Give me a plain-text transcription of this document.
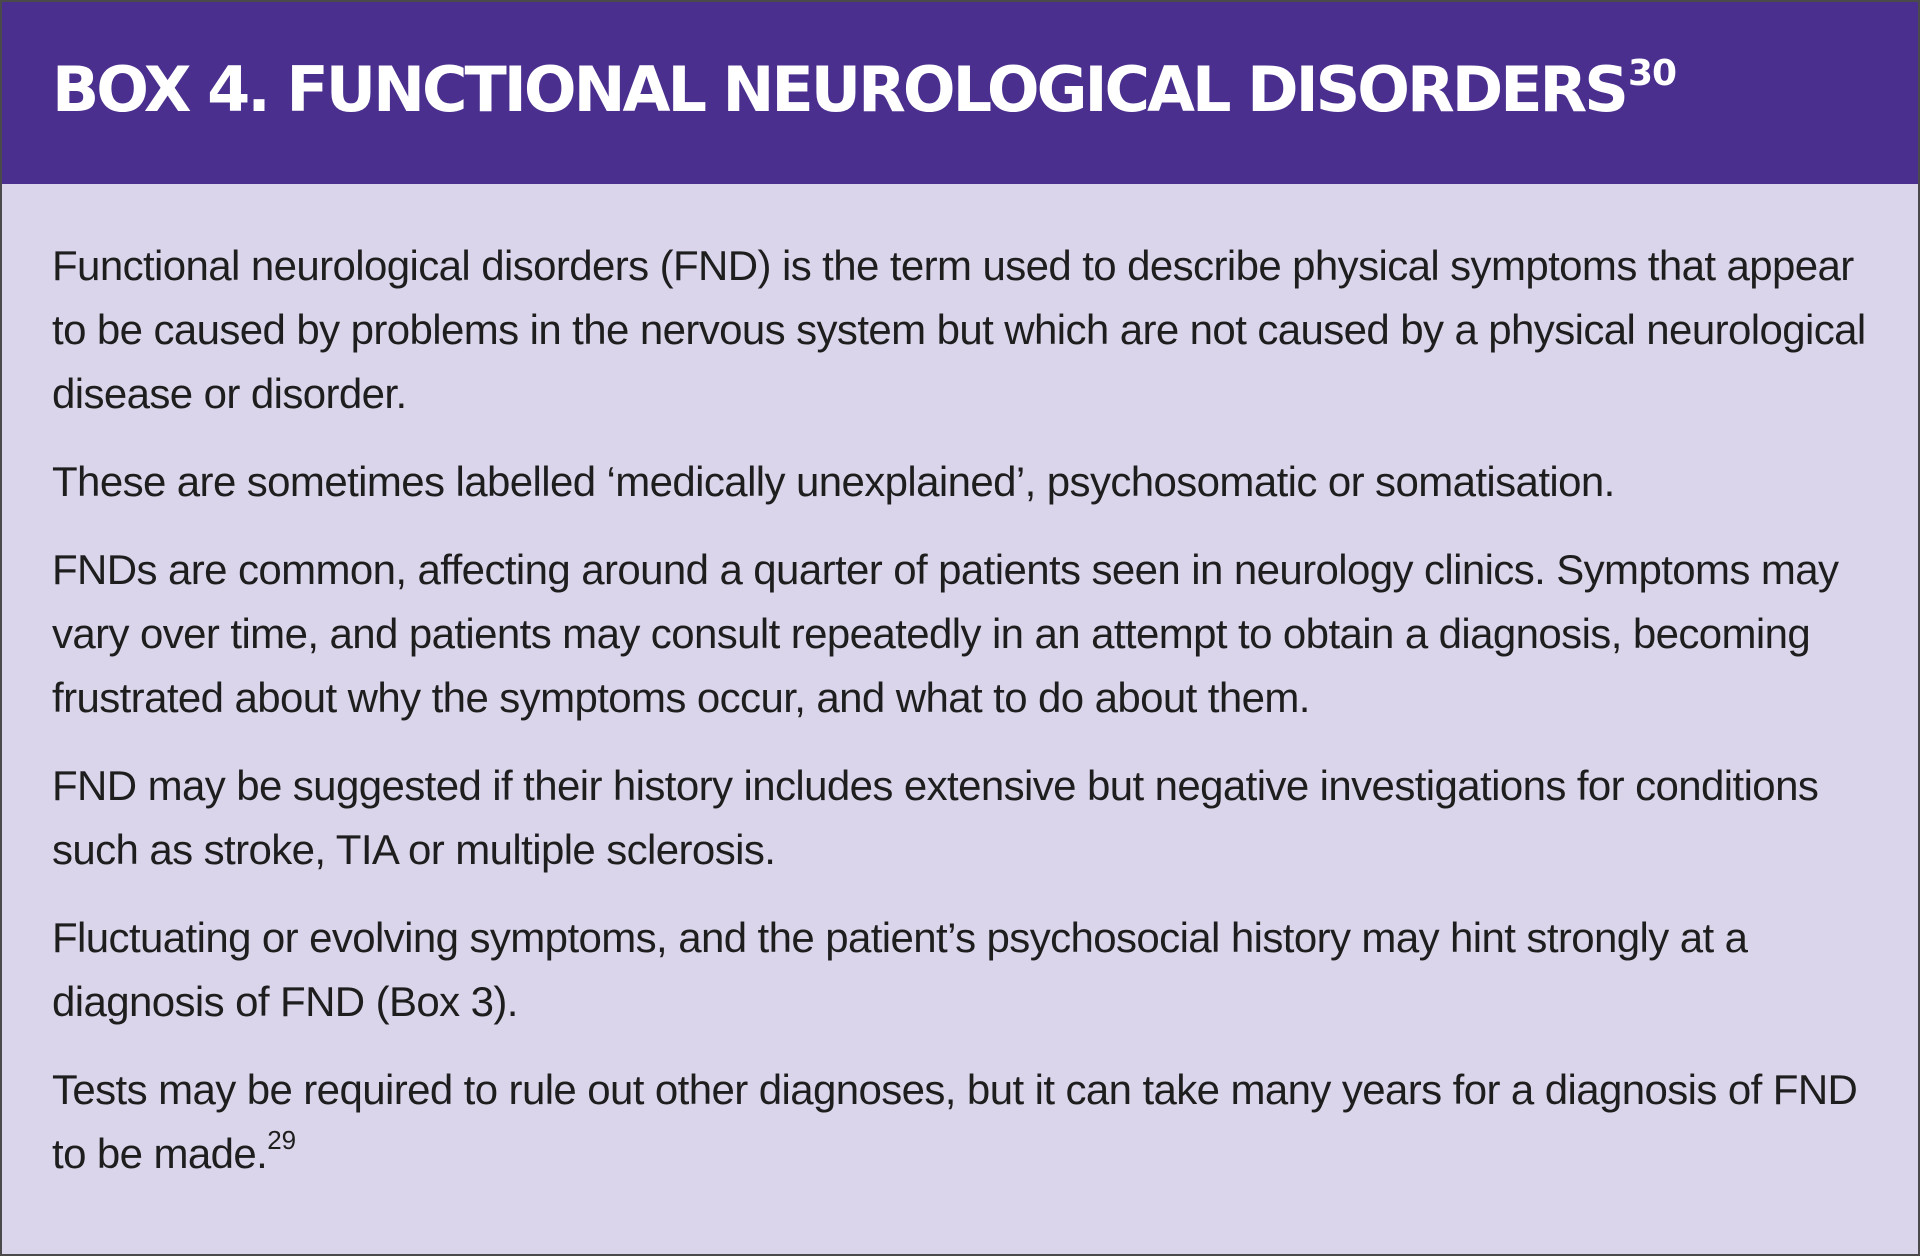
BOX 4. FUNCTIONAL NEUROLOGICAL DISORDERS$^{30}$

Functional neurological disorders (FND) is the term used to describe physical symptoms that appear to be caused by problems in the nervous system but which are not caused by a physical neurological disease or disorder.

These are sometimes labelled ‘medically unexplained’, psychosomatic or somatisation.

FNDs are common, affecting around a quarter of patients seen in neurology clinics. Symptoms may vary over time, and patients may consult repeatedly in an attempt to obtain a diagnosis, becoming frustrated about why the symptoms occur, and what to do about them.

FND may be suggested if their history includes extensive but negative investigations for conditions such as stroke, TIA or multiple sclerosis.

Fluctuating or evolving symptoms, and the patient’s psychosocial history may hint strongly at a diagnosis of FND (Box 3).

Tests may be required to rule out other diagnoses, but it can take many years for a diagnosis of FND to be made.$^{29}$
